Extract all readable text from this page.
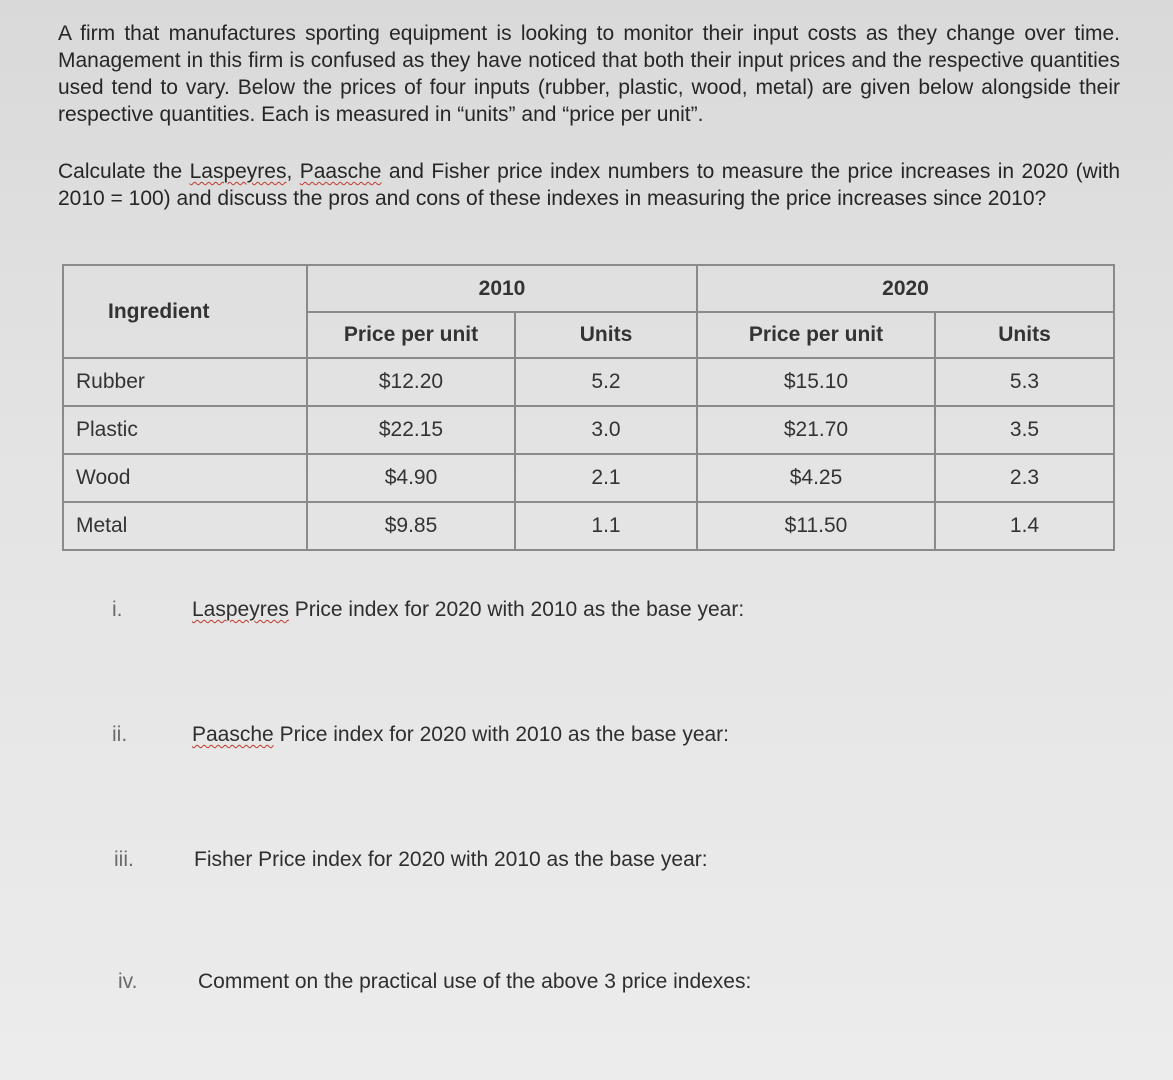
A firm that manufactures sporting equipment is looking to monitor their input costs as they change over time. Management in this firm is confused as they have noticed that both their input prices and the respective quantities used tend to vary. Below the prices of four inputs (rubber, plastic, wood, metal) are given below alongside their respective quantities. Each is measured in “units” and “price per unit”.
Calculate the Laspeyres, Paasche and Fisher price index numbers to measure the price increases in 2020 (with 2010 = 100) and discuss the pros and cons of these indexes in measuring the price increases since 2010?
Ingredient	2010		2020	
	Price per unit	Units	Price per unit	Units
Rubber	$12.20	5.2	$15.10	5.3
Plastic	$22.15	3.0	$21.70	3.5
Wood	$4.90	2.1	$4.25	2.3
Metal	$9.85	1.1	$11.50	1.4
i.	Laspeyres Price index for 2020 with 2010 as the base year:
ii.	Paasche Price index for 2020 with 2010 as the base year:
iii.	Fisher Price index for 2020 with 2010 as the base year:
iv.	Comment on the practical use of the above 3 price indexes:
